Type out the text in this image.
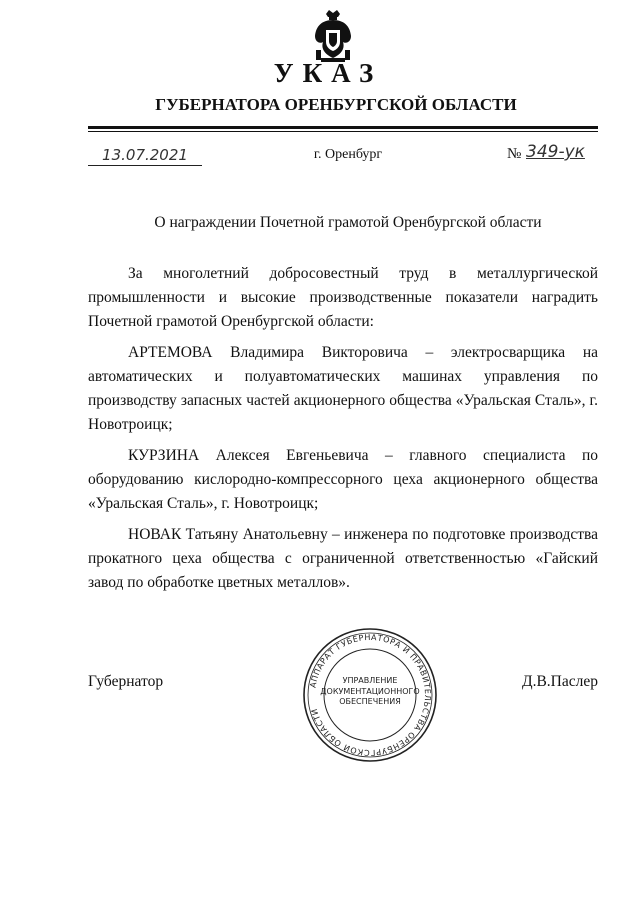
УКАЗ
ГУБЕРНАТОРА ОРЕНБУРГСКОЙ ОБЛАСТИ
13.07.2021	г. Оренбург	№ 349-ук
О награждении Почетной грамотой Оренбургской области

За многолетний добросовестный труд в металлургической промышленности и высокие производственные показатели наградить Почетной грамотой Оренбургской области:

АРТЕМОВА Владимира Викторовича – электросварщика на автоматических и полуавтоматических машинах управления по производству запасных частей акционерного общества «Уральская Сталь», г. Новотроицк;

КУРЗИНА Алексея Евгеньевича – главного специалиста по оборудованию кислородно-компрессорного цеха акционерного общества «Уральская Сталь», г. Новотроицк;

НОВАК Татьяну Анатольевну – инженера по подготовке производства прокатного цеха общества с ограниченной ответственностью «Гайский завод по обработке цветных металлов».

Губернатор	АППАРАТ ГУБЕРНАТОРА И ПРАВИТЕЛЬСТВА ОРЕНБУРГСКОЙ ОБЛАСТИ
УПРАВЛЕНИЕ
ДОКУМЕНТАЦИОННОГО
ОБЕСПЕЧЕНИЯ
Д.В.Паслер
